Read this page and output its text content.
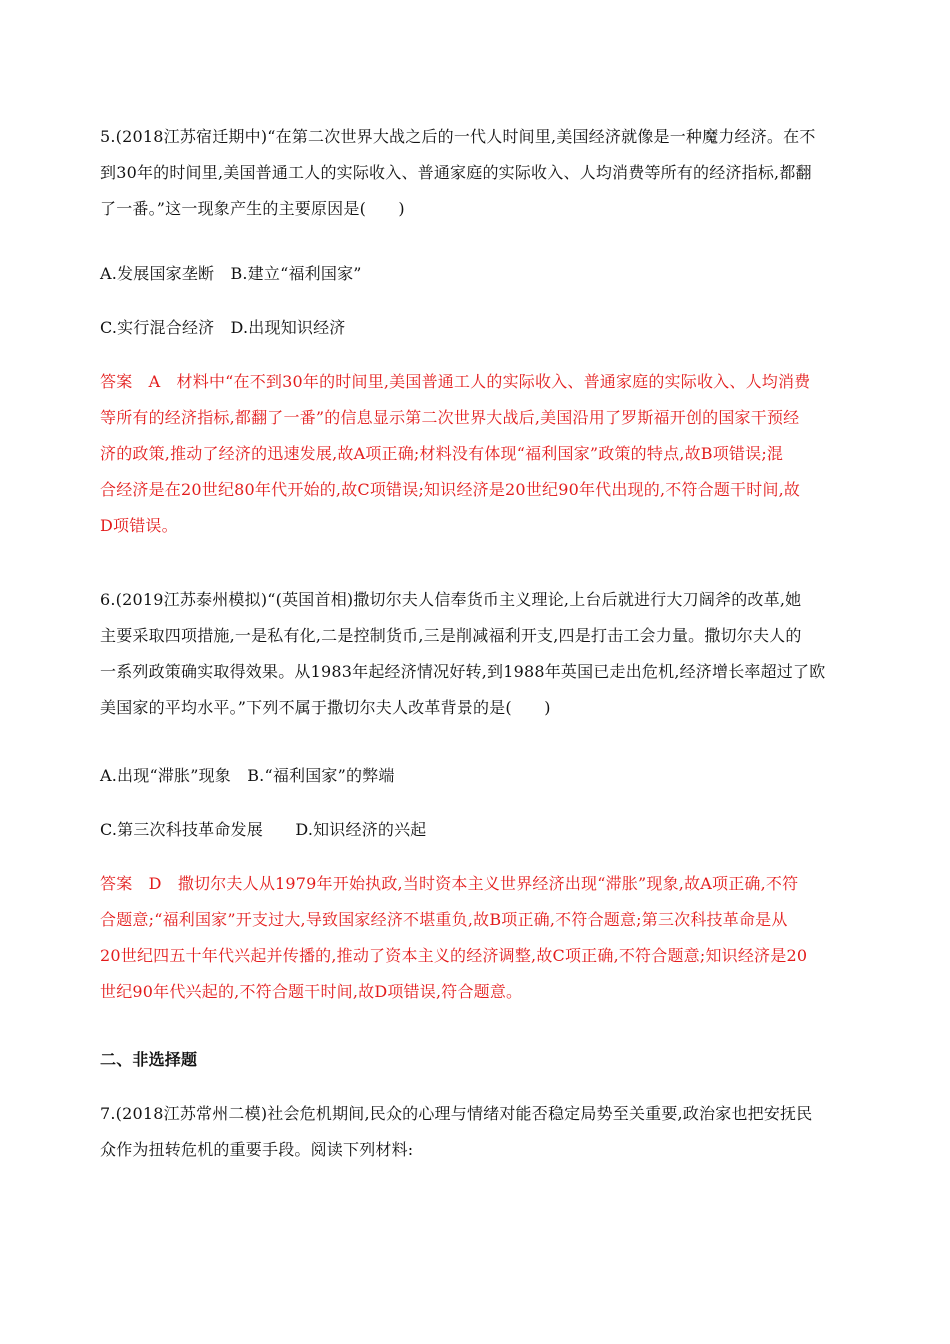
5.(2018江苏宿迁期中)“在第二次世界大战之后的一代人时间里,美国经济就像是一种魔力经济。在不
到30年的时间里,美国普通工人的实际收入、普通家庭的实际收入、人均消费等所有的经济指标,都翻
了一番。”这一现象产生的主要原因是(　　)
A.发展国家垄断　B.建立“福利国家”
C.实行混合经济　D.出现知识经济
答案　A　材料中“在不到30年的时间里,美国普通工人的实际收入、普通家庭的实际收入、人均消费
等所有的经济指标,都翻了一番”的信息显示第二次世界大战后,美国沿用了罗斯福开创的国家干预经
济的政策,推动了经济的迅速发展,故A项正确;材料没有体现“福利国家”政策的特点,故B项错误;混
合经济是在20世纪80年代开始的,故C项错误;知识经济是20世纪90年代出现的,不符合题干时间,故
D项错误。
6.(2019江苏泰州模拟)“(英国首相)撒切尔夫人信奉货币主义理论,上台后就进行大刀阔斧的改革,她
主要采取四项措施,一是私有化,二是控制货币,三是削减福利开支,四是打击工会力量。撒切尔夫人的
一系列政策确实取得效果。从1983年起经济情况好转,到1988年英国已走出危机,经济增长率超过了欧
美国家的平均水平。”下列不属于撒切尔夫人改革背景的是(　　)
A.出现“滞胀”现象　B.“福利国家”的弊端
C.第三次科技革命发展　　D.知识经济的兴起
答案　D　撒切尔夫人从1979年开始执政,当时资本主义世界经济出现“滞胀”现象,故A项正确,不符
合题意;“福利国家”开支过大,导致国家经济不堪重负,故B项正确,不符合题意;第三次科技革命是从
20世纪四五十年代兴起并传播的,推动了资本主义的经济调整,故C项正确,不符合题意;知识经济是20
世纪90年代兴起的,不符合题干时间,故D项错误,符合题意。
二、非选择题
7.(2018江苏常州二模)社会危机期间,民众的心理与情绪对能否稳定局势至关重要,政治家也把安抚民
众作为扭转危机的重要手段。阅读下列材料:
